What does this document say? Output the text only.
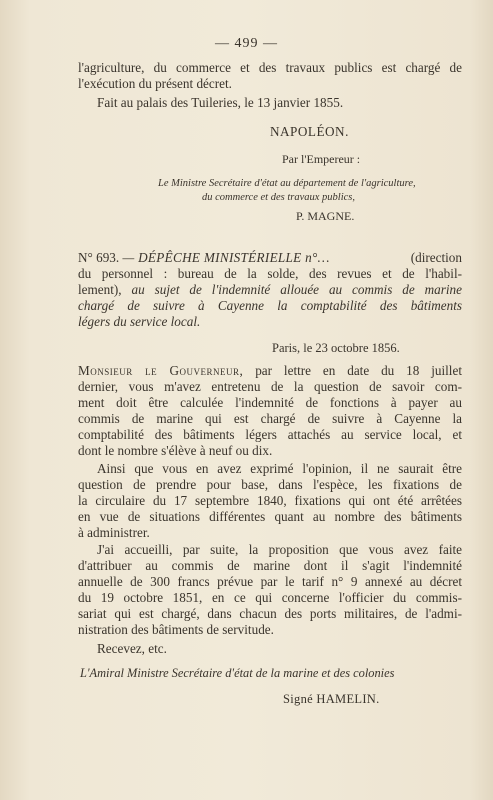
— 499 —
l'agriculture, du commerce et des travaux publics est chargé de
l'exécution du présent décret.
Fait au palais des Tuileries, le 13 janvier 1855.
NAPOLÉON.
Par l'Empereur :
Le Ministre Secrétaire d'état au département de l'agriculture,
du commerce et des travaux publics,
P. MAGNE.
N° 693. — DÉPÊCHE MINISTÉRIELLE n°…	(direction
du personnel : bureau de la solde, des revues et de l'habil-
lement), au sujet de l'indemnité allouée au commis de marine
chargé de suivre à Cayenne la comptabilité des bâtiments
légers du service local.
Paris, le 23 octobre 1856.
Monsieur le Gouverneur, par lettre en date du 18 juillet
dernier, vous m'avez entretenu de la question de savoir com-
ment doit être calculée l'indemnité de fonctions à payer au
commis de marine qui est chargé de suivre à Cayenne la
comptabilité des bâtiments légers attachés au service local, et
dont le nombre s'élève à neuf ou dix.
Ainsi que vous en avez exprimé l'opinion, il ne saurait être
question de prendre pour base, dans l'espèce, les fixations de
la circulaire du 17 septembre 1840, fixations qui ont été arrêtées
en vue de situations différentes quant au nombre des bâtiments
à administrer.
J'ai accueilli, par suite, la proposition que vous avez faite
d'attribuer au commis de marine dont il s'agit l'indemnité
annuelle de 300 francs prévue par le tarif n° 9 annexé au décret
du 19 octobre 1851, en ce qui concerne l'officier du commis-
sariat qui est chargé, dans chacun des ports militaires, de l'admi-
nistration des bâtiments de servitude.
Recevez, etc.
L'Amiral Ministre Secrétaire d'état de la marine et des colonies
Signé HAMELIN.
